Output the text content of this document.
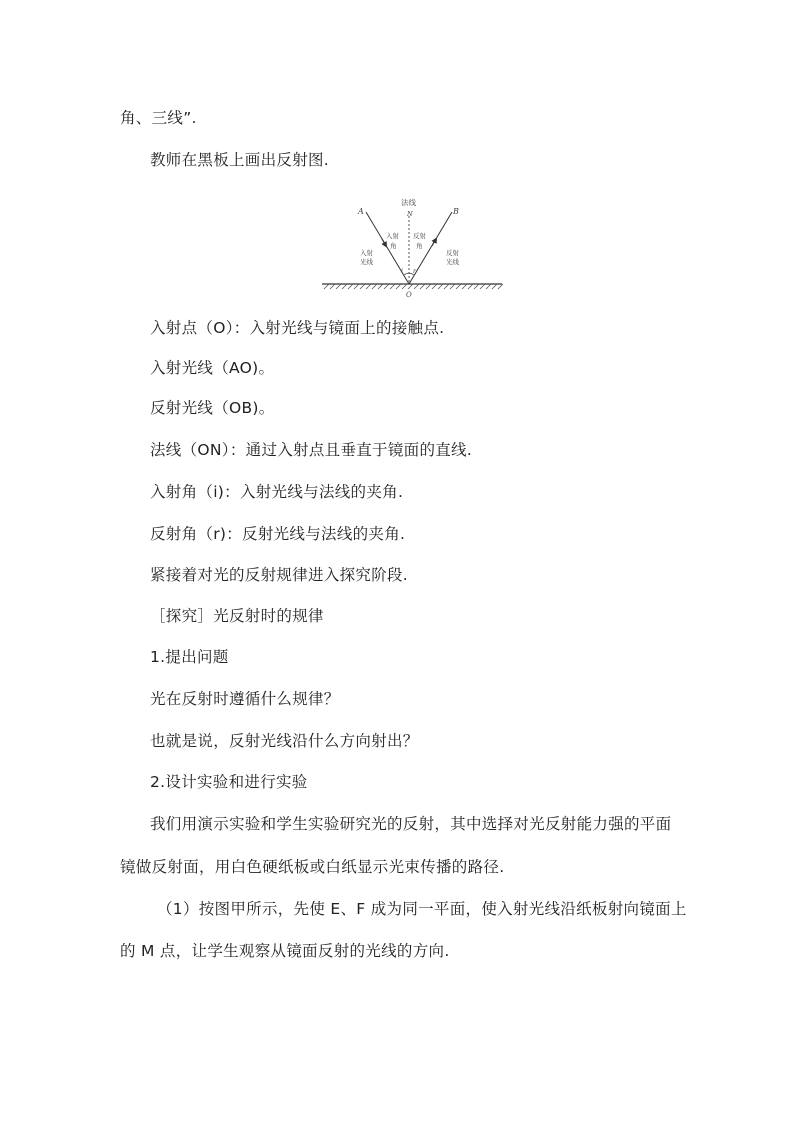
角、三线”.
教师在黑板上画出反射图.
A	B
法线
N
O
入射
角
反射
角
入射
光线
反射
光线
i r
入射点（O）：入射光线与镜面上的接触点.
入射光线（AO)。
反射光线（OB)。
法线（ON）：通过入射点且垂直于镜面的直线.
入射角（i)：入射光线与法线的夹角.
反射角（r)：反射光线与法线的夹角.
紧接着对光的反射规律进入探究阶段.
［探究］光反射时的规律
1.提出问题
光在反射时遵循什么规律？
也就是说，反射光线沿什么方向射出？
2.设计实验和进行实验
我们用演示实验和学生实验研究光的反射，其中选择对光反射能力强的平面
镜做反射面，用白色硬纸板或白纸显示光束传播的路径.
（1）按图甲所示，先使 E、F 成为同一平面，使入射光线沿纸板射向镜面上
的 M 点，让学生观察从镜面反射的光线的方向.
